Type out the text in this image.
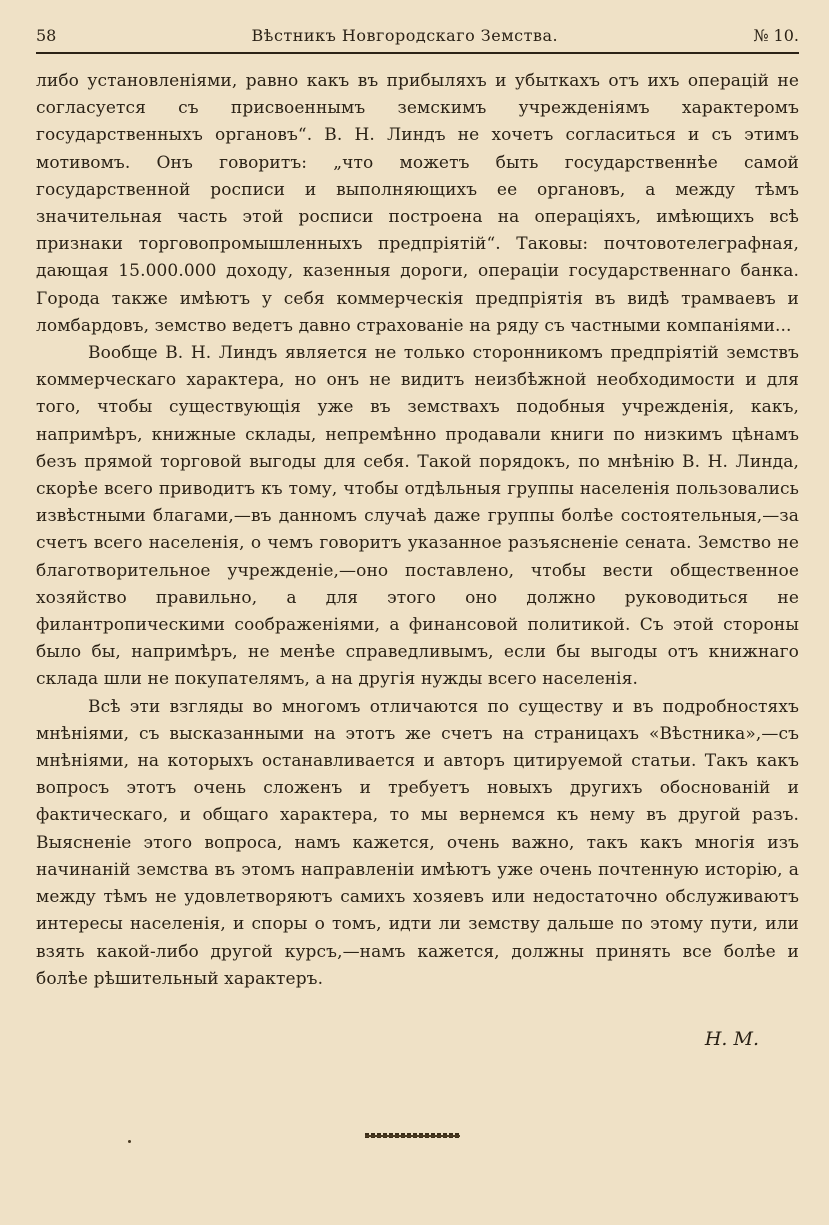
58	Вѣстникъ Новгородскаго Земства.	№ 10.

либо установленiями, равно какъ въ прибыляхъ и убыткахъ отъ ихъ операцiй не согласуется съ присвоеннымъ земскимъ учрежденiямъ характеромъ государственныхъ органовъ“. В. Н. Линдъ не хочетъ согласиться и съ этимъ мотивомъ. Онъ говоритъ: „что можетъ быть государственнѣе самой государственной росписи и выполняющихъ ее органовъ, а между тѣмъ значительная часть этой росписи построена на операцiяхъ, имѣющихъ всѣ признаки торговопромышленныхъ предпрiятiй“. Таковы: почтовотелеграфная, дающая 15.000.000 доходу, казенныя дороги, операцiи государственнаго банка. Города также имѣютъ у себя коммерческiя предпрiятiя въ видѣ трамваевъ и ломбардовъ, земство ведетъ давно страхованiе на ряду съ частными компанiями...

Вообще В. Н. Линдъ является не только сторонникомъ предпрiятiй земствъ коммерческаго характера, но онъ не видитъ неизбѣжной необходимости и для того, чтобы существующiя уже въ земствахъ подобныя учрежденiя, какъ, напримѣръ, книжные склады, непремѣнно продавали книги по низкимъ цѣнамъ безъ прямой торговой выгоды для себя. Такой порядокъ, по мнѣнiю В. Н. Линда, скорѣе всего приводитъ къ тому, чтобы отдѣльныя группы населенiя пользовались извѣстными благами,—въ данномъ случаѣ даже группы болѣе состоятельныя,—за счетъ всего населенiя, о чемъ говоритъ указанное разъясненiе сената. Земство не благотворительное учрежденiе,—оно поставлено, чтобы вести общественное хозяйство правильно, а для этого оно должно руководиться не филантропическими соображенiями, а финансовой политикой. Съ этой стороны было бы, напримѣръ, не менѣе справедливымъ, если бы выгоды отъ книжнаго склада шли не покупателямъ, а на другiя нужды всего населенiя.

Всѣ эти взгляды во многомъ отличаются по существу и въ подробностяхъ мнѣнiями, съ высказанными на этотъ же счетъ на страницахъ «Вѣстника»,—съ мнѣнiями, на которыхъ останавливается и авторъ цитируемой статьи. Такъ какъ вопросъ этотъ очень сложенъ и требуетъ новыхъ другихъ обоснованiй и фактическаго, и общаго характера, то мы вернемся къ нему въ другой разъ. Выясненiе этого вопроса, намъ кажется, очень важно, такъ какъ многiя изъ начинанiй земства въ этомъ направленiи имѣютъ уже очень почтенную исторiю, а между тѣмъ не удовлетворяютъ самихъ хозяевъ или недостаточно обслуживаютъ интересы населенiя, и споры о томъ, идти ли земству дальше по этому пути, или взять какой-либо другой курсъ,—намъ кажется, должны принять все болѣе и болѣе рѣшительный характеръ.

Н. М.
